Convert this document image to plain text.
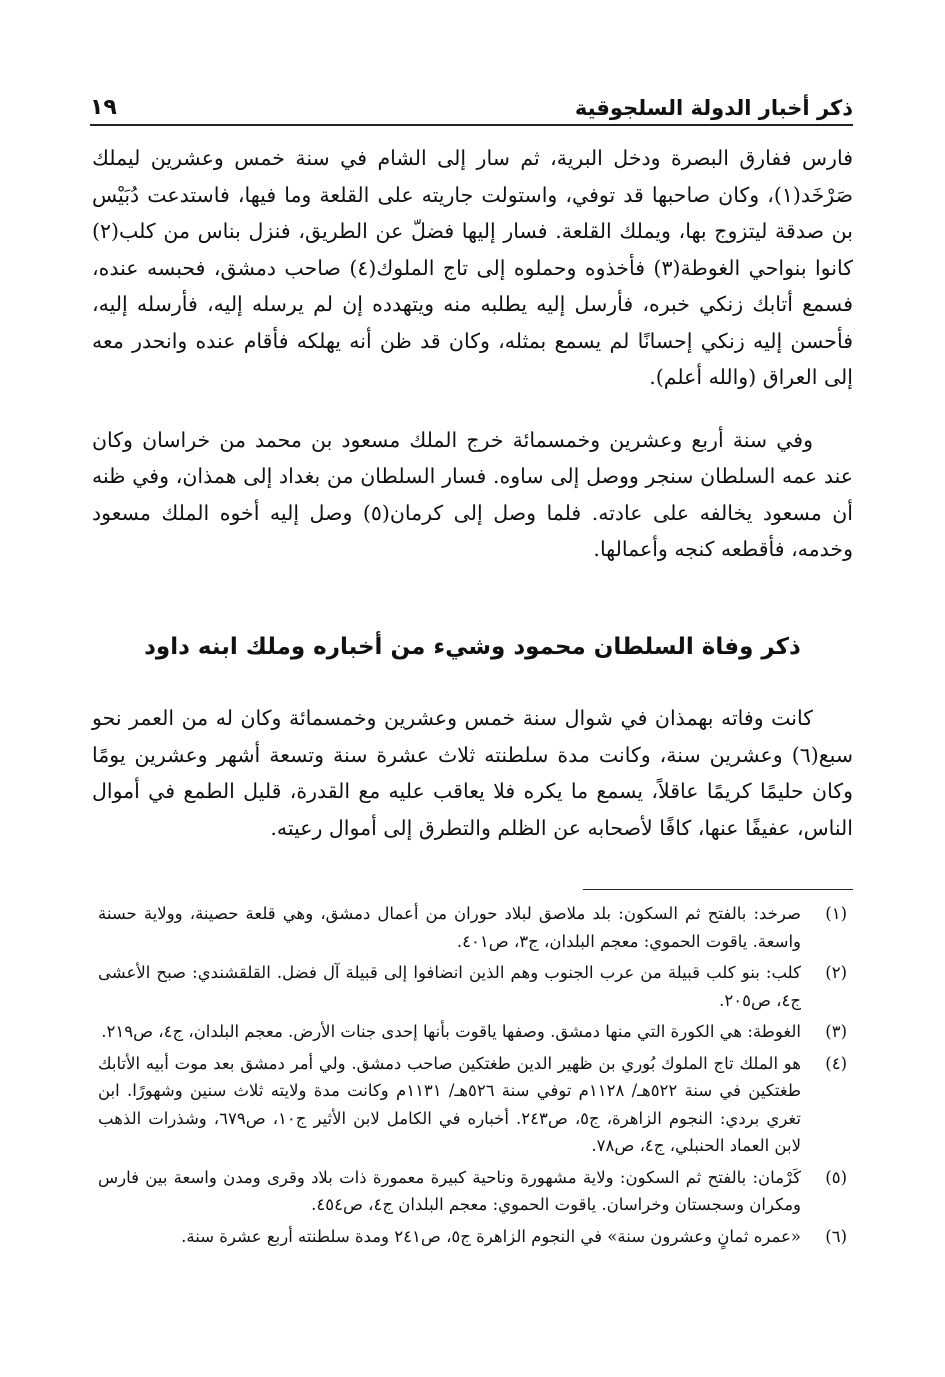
ذكر أخبار الدولة السلجوقية
١٩

فارس ففارق البصرة ودخل البرية، ثم سار إلى الشام في سنة خمس وعشرين ليملك صَرْخَد(١)، وكان صاحبها قد توفي، واستولت جاريته على القلعة وما فيها، فاستدعت دُبَيْس بن صدقة ليتزوج بها، ويملك القلعة. فسار إليها فضلّ عن الطريق، فنزل بناس من كلب(٢) كانوا بنواحي الغوطة(٣) فأخذوه وحملوه إلى تاج الملوك(٤) صاحب دمشق، فحبسه عنده، فسمع أتابك زنكي خبره، فأرسل إليه يطلبه منه ويتهدده إن لم يرسله إليه، فأرسله إليه، فأحسن إليه زنكي إحسانًا لم يسمع بمثله، وكان قد ظن أنه يهلكه فأقام عنده وانحدر معه إلى العراق (والله أعلم).

وفي سنة أربع وعشرين وخمسمائة خرج الملك مسعود بن محمد من خراسان وكان عند عمه السلطان سنجر ووصل إلى ساوه. فسار السلطان من بغداد إلى همذان، وفي ظنه أن مسعود يخالفه على عادته. فلما وصل إلى كرمان(٥) وصل إليه أخوه الملك مسعود وخدمه، فأقطعه كنجه وأعمالها.

ذكر وفاة السلطان محمود وشيء من أخباره وملك ابنه داود

كانت وفاته بهمذان في شوال سنة خمس وعشرين وخمسمائة وكان له من العمر نحو سبع(٦) وعشرين سنة، وكانت مدة سلطنته ثلاث عشرة سنة وتسعة أشهر وعشرين يومًا وكان حليمًا كريمًا عاقلاً، يسمع ما يكره فلا يعاقب عليه مع القدرة، قليل الطمع في أموال الناس، عفيفًا عنها، كافًا لأصحابه عن الظلم والتطرق إلى أموال رعيته.

(١)
صرخد: بالفتح ثم السكون: بلد ملاصق لبلاد حوران من أعمال دمشق، وهي قلعة حصينة، وولاية حسنة واسعة. ياقوت الحموي: معجم البلدان، ج٣، ص٤٠١.
(٢)
كلب: بنو كلب قبيلة من عرب الجنوب وهم الذين انضافوا إلى قبيلة آل فضل. القلقشندي: صبح الأعشى ج٤، ص٢٠٥.
(٣)
الغوطة: هي الكورة التي منها دمشق. وصفها ياقوت بأنها إحدى جنات الأرض. معجم البلدان، ج٤، ص٢١٩.
(٤)
هو الملك تاج الملوك بُوري بن ظهير الدين طغتكين صاحب دمشق. ولي أمر دمشق بعد موت أبيه الأتابك طغتكين في سنة ٥٢٢هـ/ ١١٢٨م توفي سنة ٥٢٦هـ/ ١١٣١م وكانت مدة ولايته ثلاث سنين وشهورًا. ابن تغري بردي: النجوم الزاهرة، ج٥، ص٢٤٣. أخباره في الكامل لابن الأثير ج١٠، ص٦٧٩، وشذرات الذهب لابن العماد الحنبلي، ج٤، ص٧٨.
(٥)
كَرْمان: بالفتح ثم السكون: ولاية مشهورة وناحية كبيرة معمورة ذات بلاد وقرى ومدن واسعة بين فارس ومكران وسجستان وخراسان. ياقوت الحموي: معجم البلدان ج٤، ص٤٥٤.
(٦)
«عمره ثمانٍ وعشرون سنة» في النجوم الزاهرة ج٥، ص٢٤١ ومدة سلطنته أربع عشرة سنة.
